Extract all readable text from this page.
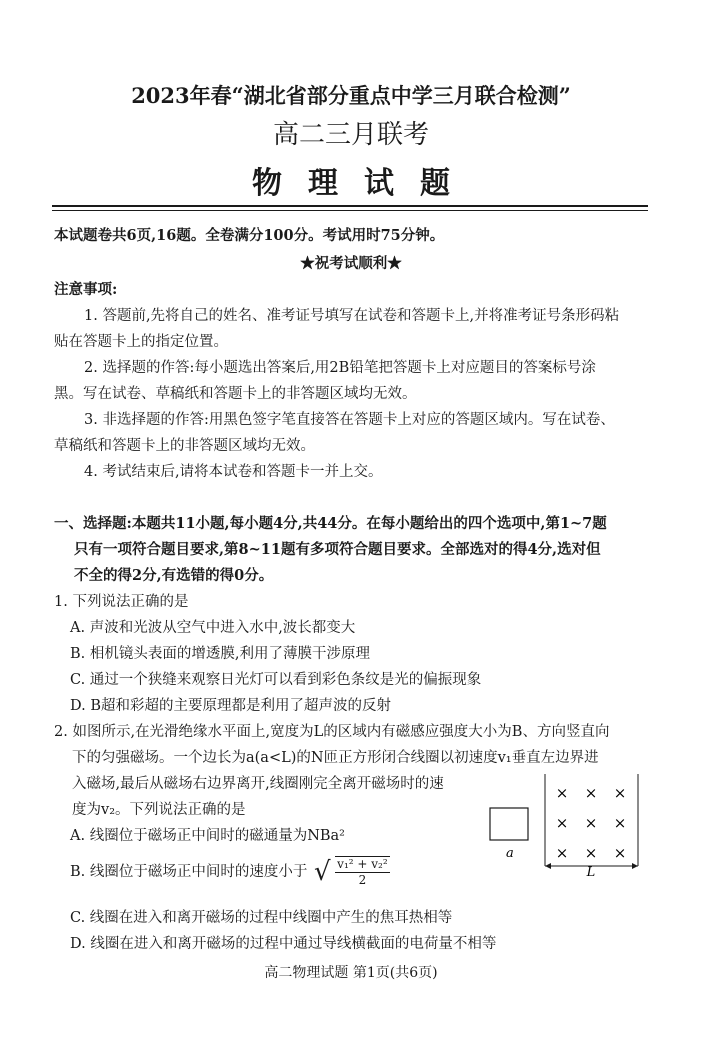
2023年春“湖北省部分重点中学三月联合检测”
高二三月联考
物理试题
本试题卷共6页,16题。全卷满分100分。考试用时75分钟。
★祝考试顺利★
注意事项:
1. 答题前,先将自己的姓名、准考证号填写在试卷和答题卡上,并将准考证号条形码粘
贴在答题卡上的指定位置。
2. 选择题的作答:每小题选出答案后,用2B铅笔把答题卡上对应题目的答案标号涂
黑。写在试卷、草稿纸和答题卡上的非答题区域均无效。
3. 非选择题的作答:用黑色签字笔直接答在答题卡上对应的答题区域内。写在试卷、
草稿纸和答题卡上的非答题区域均无效。
4. 考试结束后,请将本试卷和答题卡一并上交。
一、选择题:本题共11小题,每小题4分,共44分。在每小题给出的四个选项中,第1~7题
只有一项符合题目要求,第8~11题有多项符合题目要求。全部选对的得4分,选对但
不全的得2分,有选错的得0分。
1. 下列说法正确的是
A. 声波和光波从空气中进入水中,波长都变大
B. 相机镜头表面的增透膜,利用了薄膜干涉原理
C. 通过一个狭缝来观察日光灯可以看到彩色条纹是光的偏振现象
D. B超和彩超的主要原理都是利用了超声波的反射
2. 如图所示,在光滑绝缘水平面上,宽度为L的区域内有磁感应强度大小为B、方向竖直向
下的匀强磁场。一个边长为a(a<L)的N匝正方形闭合线圈以初速度v₁垂直左边界进
入磁场,最后从磁场右边界离开,线圈刚完全离开磁场时的速
度为v₂。下列说法正确的是
A. 线圈位于磁场正中间时的磁通量为NBa²
B. 线圈位于磁场正中间时的速度小于 √ $\frac{\text{v₁² + v₂²}}{2}$
C. 线圈在进入和离开磁场的过程中线圈中产生的焦耳热相等
D. 线圈在进入和离开磁场的过程中通过导线横截面的电荷量不相等
a
× × ×
× × ×
× × ×
L
高二物理试题 第1页(共6页)
